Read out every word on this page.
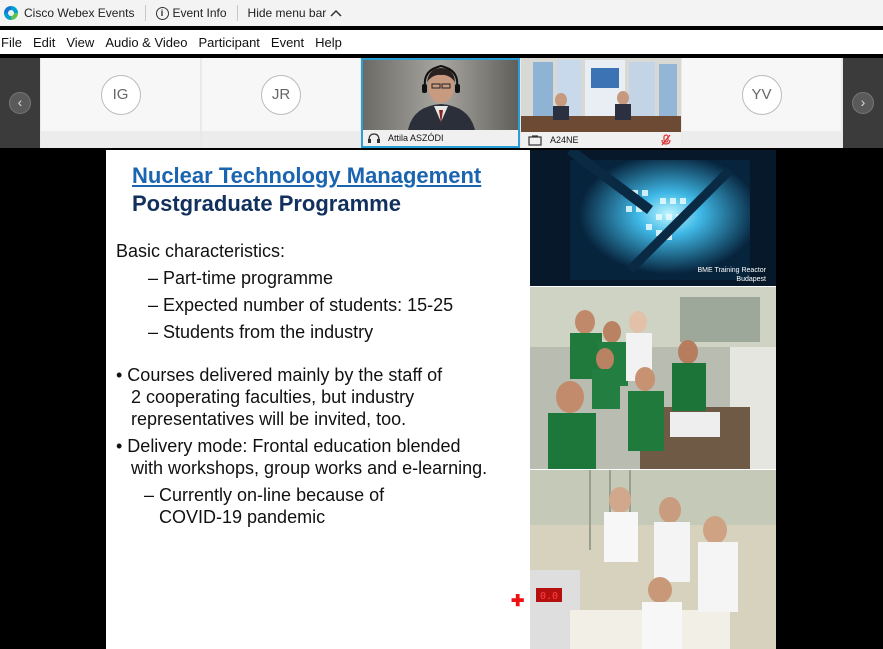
Cisco Webex Events	i Event Info Hide menu bar
File Edit View Audio & Video Participant Event Help
‹	IG	JR
Attila ASZÓDI	A24NE
YV	›
Nuclear Technology Management
Postgraduate Programme
Basic characteristics:
– Part-time programme
– Expected number of students: 15-25
– Students from the industry
• Courses delivered mainly by the staff of
2 cooperating faculties, but industry
representatives will be invited, too.
• Delivery mode: Frontal education blended
with workshops, group works and e-learning.
– Currently on-line because of
COVID-19 pandemic
BME Training Reactor
Budapest
0.0
✚
